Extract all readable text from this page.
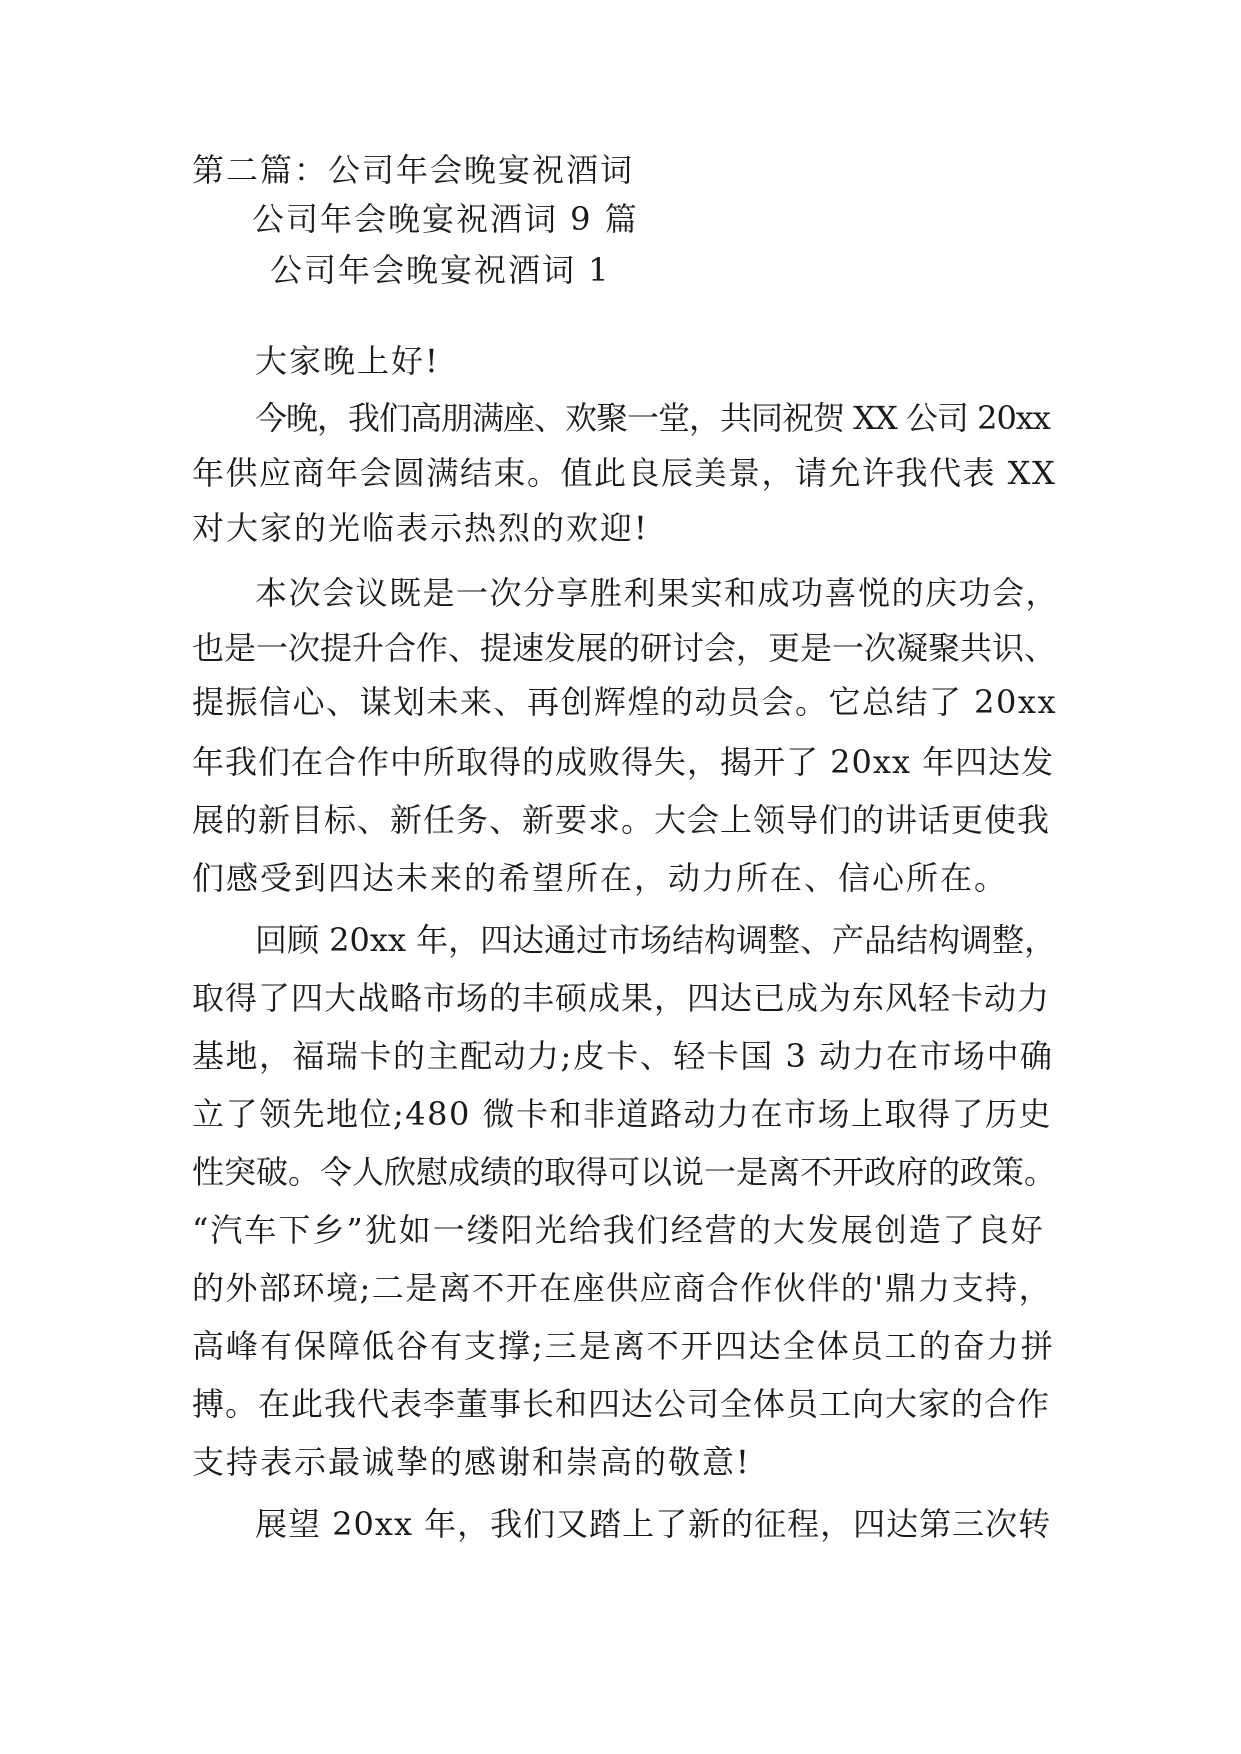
第二篇：公司年会晚宴祝酒词
公司年会晚宴祝酒词 9 篇
公司年会晚宴祝酒词 1
大家晚上好!
今晚，我们高朋满座、欢聚一堂，共同祝贺 XX 公司 20xx
年供应商年会圆满结束。值此良辰美景，请允许我代表 XX
对大家的光临表示热烈的欢迎!
本次会议既是一次分享胜利果实和成功喜悦的庆功会，
也是一次提升合作、提速发展的研讨会，更是一次凝聚共识、
提振信心、谋划未来、再创辉煌的动员会。它总结了 20xx
年我们在合作中所取得的成败得失，揭开了 20xx 年四达发
展的新目标、新任务、新要求。大会上领导们的讲话更使我
们感受到四达未来的希望所在，动力所在、信心所在。
回顾 20xx 年，四达通过市场结构调整、产品结构调整，
取得了四大战略市场的丰硕成果，四达已成为东风轻卡动力
基地，福瑞卡的主配动力;皮卡、轻卡国 3 动力在市场中确
立了领先地位;480 微卡和非道路动力在市场上取得了历史
性突破。令人欣慰成绩的取得可以说一是离不开政府的政策。
“汽车下乡”犹如一缕阳光给我们经营的大发展创造了良好
的外部环境;二是离不开在座供应商合作伙伴的'鼎力支持，
高峰有保障低谷有支撑;三是离不开四达全体员工的奋力拼
搏。在此我代表李董事长和四达公司全体员工向大家的合作
支持表示最诚挚的感谢和崇高的敬意!
展望 20xx 年，我们又踏上了新的征程，四达第三次转
